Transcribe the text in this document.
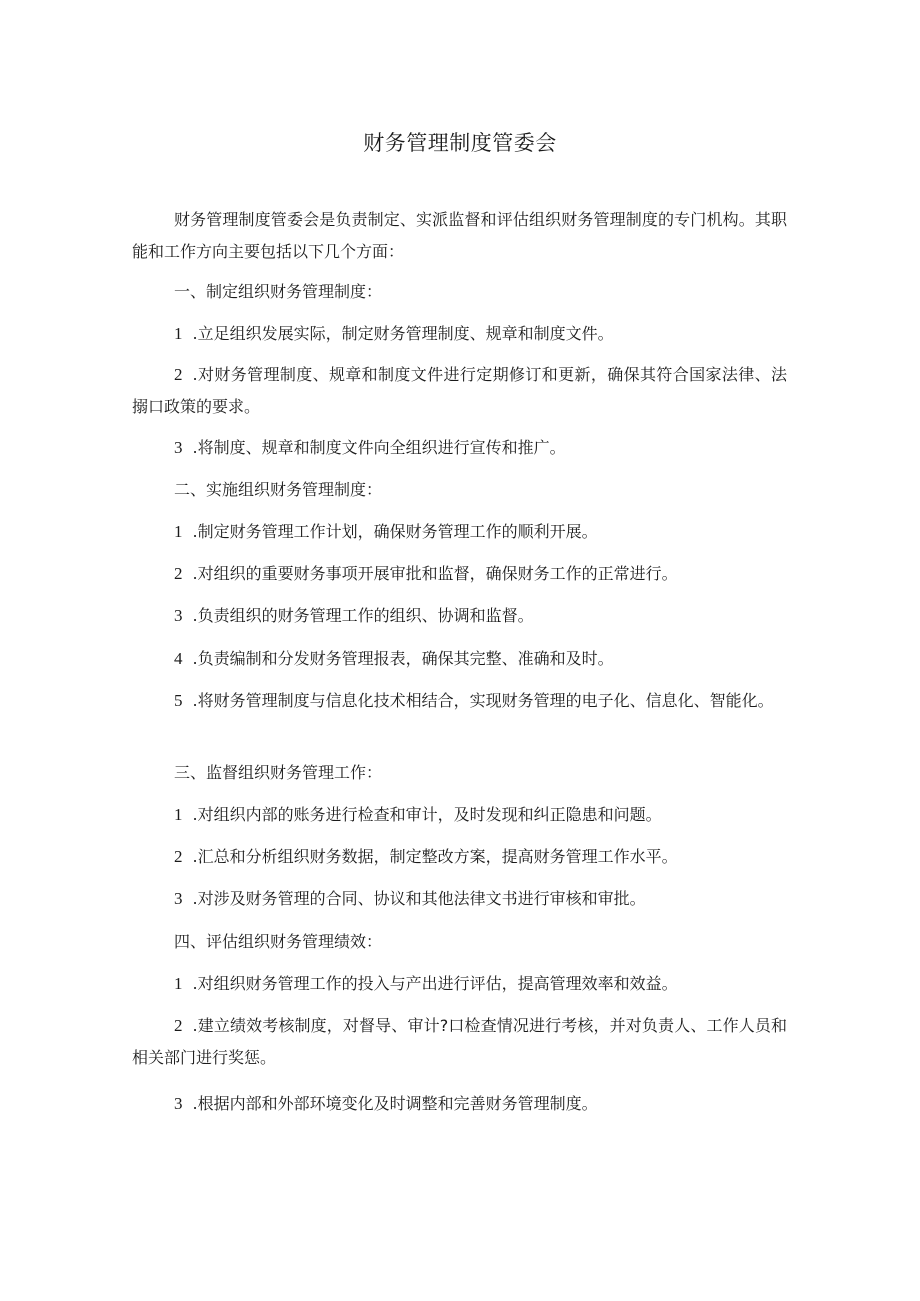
财务管理制度管委会
财务管理制度管委会是负责制定、实派监督和评估组织财务管理制度的专门机构。其职能和工作方向主要包括以下几个方面：
一、制定组织财务管理制度：
1 .立足组织发展实际，制定财务管理制度、规章和制度文件。
2 .对财务管理制度、规章和制度文件进行定期修订和更新，确保其符合国家法律、法搦口政策的要求。
3 .将制度、规章和制度文件向全组织进行宣传和推广。
二、实施组织财务管理制度：
1 .制定财务管理工作计划，确保财务管理工作的顺利开展。
2 .对组织的重要财务事项开展审批和监督，确保财务工作的正常进行。
3 .负责组织的财务管理工作的组织、协调和监督。
4 .负责编制和分发财务管理报表，确保其完整、准确和及时。
5 .将财务管理制度与信息化技术相结合，实现财务管理的电子化、信息化、智能化。
三、监督组织财务管理工作：
1 .对组织内部的账务进行检查和审计，及时发现和纠正隐患和问题。
2 .汇总和分析组织财务数据，制定整改方案，提高财务管理工作水平。
3 .对涉及财务管理的合同、协议和其他法律文书进行审核和审批。
四、评估组织财务管理绩效：
1 .对组织财务管理工作的投入与产出进行评估，提高管理效率和效益。
2 .建立绩效考核制度，对督导、审计?口检查情况进行考核，并对负责人、工作人员和相关部门进行奖惩。
3 .根据内部和外部环境变化及时调整和完善财务管理制度。
